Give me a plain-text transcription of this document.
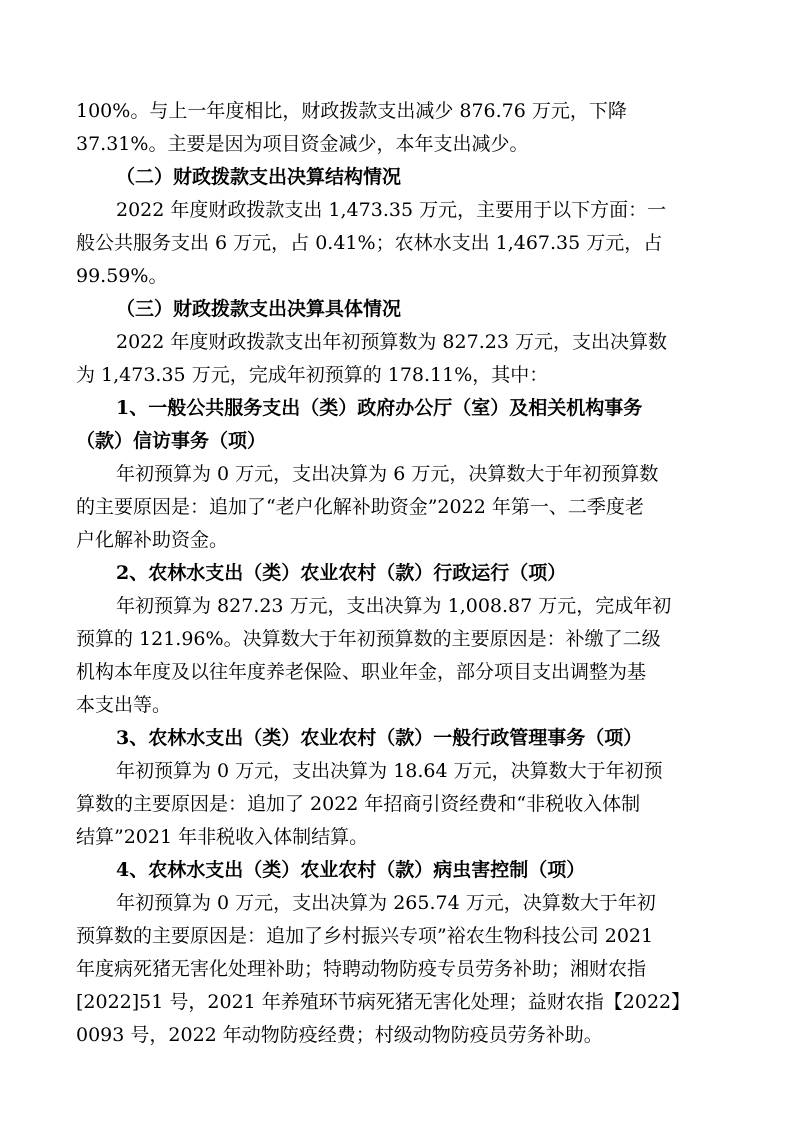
100%。与上一年度相比，财政拨款支出减少 876.76 万元，下降
37.31%。主要是因为项目资金减少，本年支出减少。
（二）财政拨款支出决算结构情况
2022 年度财政拨款支出 1,473.35 万元，主要用于以下方面：一
般公共服务支出 6 万元，占 0.41%；农林水支出 1,467.35 万元，占
99.59%。
（三）财政拨款支出决算具体情况
2022 年度财政拨款支出年初预算数为 827.23 万元，支出决算数
为 1,473.35 万元，完成年初预算的 178.11%，其中：
1、一般公共服务支出（类）政府办公厅（室）及相关机构事务
（款）信访事务（项）
年初预算为 0 万元，支出决算为 6 万元，决算数大于年初预算数
的主要原因是：追加了“老户化解补助资金”2022 年第一、二季度老
户化解补助资金。
2、农林水支出（类）农业农村（款）行政运行（项）
年初预算为 827.23 万元，支出决算为 1,008.87 万元，完成年初
预算的 121.96%。决算数大于年初预算数的主要原因是：补缴了二级
机构本年度及以往年度养老保险、职业年金，部分项目支出调整为基
本支出等。
3、农林水支出（类）农业农村（款）一般行政管理事务（项）
年初预算为 0 万元，支出决算为 18.64 万元，决算数大于年初预
算数的主要原因是：追加了 2022 年招商引资经费和“非税收入体制
结算”2021 年非税收入体制结算。
4、农林水支出（类）农业农村（款）病虫害控制（项）
年初预算为 0 万元，支出决算为 265.74 万元，决算数大于年初
预算数的主要原因是：追加了乡村振兴专项”裕农生物科技公司 2021
年度病死猪无害化处理补助；特聘动物防疫专员劳务补助；湘财农指
[2022]51 号，2021 年养殖环节病死猪无害化处理；益财农指【2022】
0093 号，2022 年动物防疫经费；村级动物防疫员劳务补助。
